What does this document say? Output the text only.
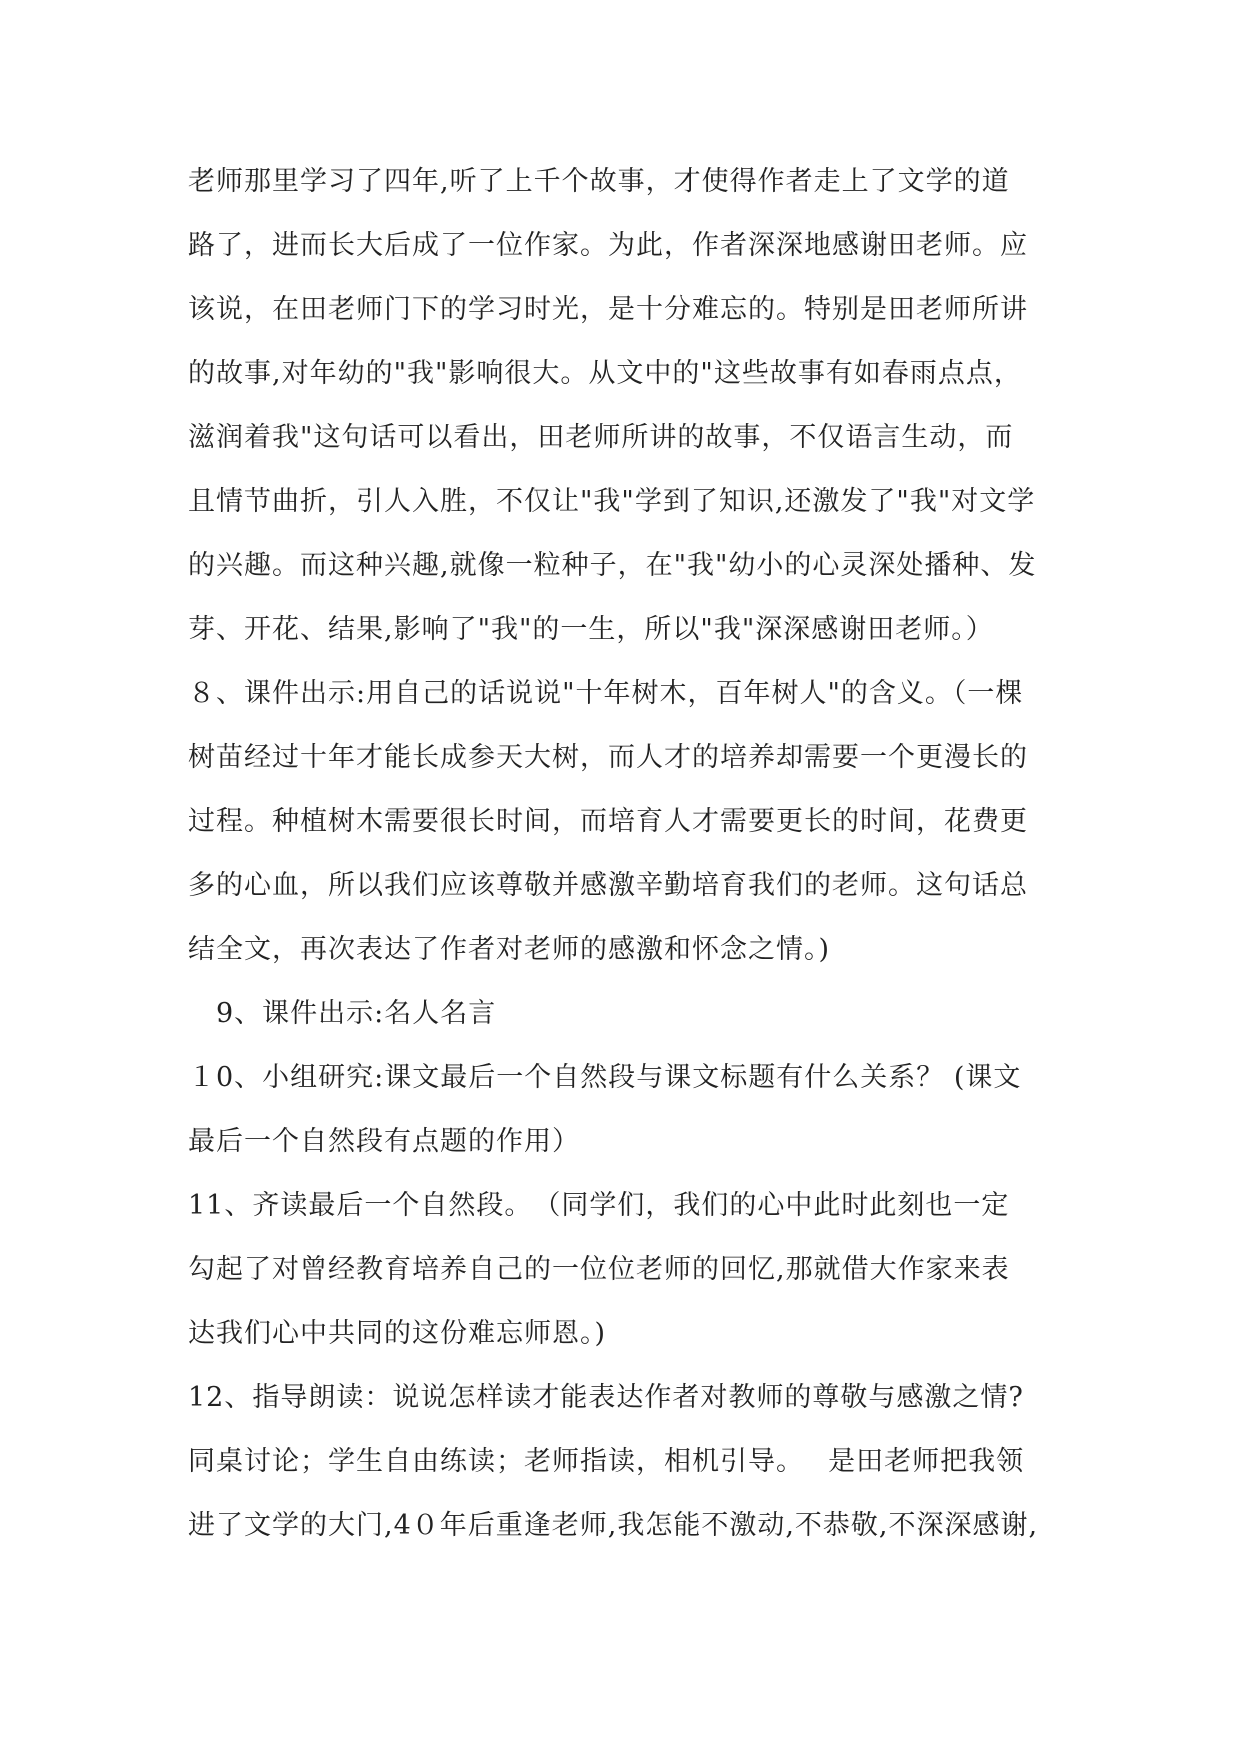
老师那里学习了四年,听了上千个故事，才使得作者走上了文学的道
路了，进而长大后成了一位作家。为此，作者深深地感谢田老师。应
该说，在田老师门下的学习时光，是十分难忘的。特别是田老师所讲
的故事,对年幼的"我"影响很大。从文中的"这些故事有如春雨点点，
滋润着我"这句话可以看出，田老师所讲的故事，不仅语言生动，而
且情节曲折，引人入胜，不仅让"我"学到了知识,还激发了"我"对文学
的兴趣。而这种兴趣,就像一粒种子，在"我"幼小的心灵深处播种、发
芽、开花、结果,影响了"我"的一生，所以"我"深深感谢田老师。）
８、课件出示:用自己的话说说"十年树木，百年树人"的含义。（一棵
树苗经过十年才能长成参天大树，而人才的培养却需要一个更漫长的
过程。种植树木需要很长时间，而培育人才需要更长的时间，花费更
多的心血，所以我们应该尊敬并感激辛勤培育我们的老师。这句话总
结全文，再次表达了作者对老师的感激和怀念之情。)
　9、课件出示:名人名言
１0、小组研究:课文最后一个自然段与课文标题有什么关系？ (课文
最后一个自然段有点题的作用）
11、齐读最后一个自然段。　（同学们，我们的心中此时此刻也一定
勾起了对曾经教育培养自己的一位位老师的回忆,那就借大作家来表
达我们心中共同的这份难忘师恩。)
12、指导朗读：说说怎样读才能表达作者对教师的尊敬与感激之情?
同桌讨论；学生自由练读；老师指读，相机引导。　 是田老师把我领
进了文学的大门,4０年后重逢老师,我怎能不激动,不恭敬,不深深感谢,
